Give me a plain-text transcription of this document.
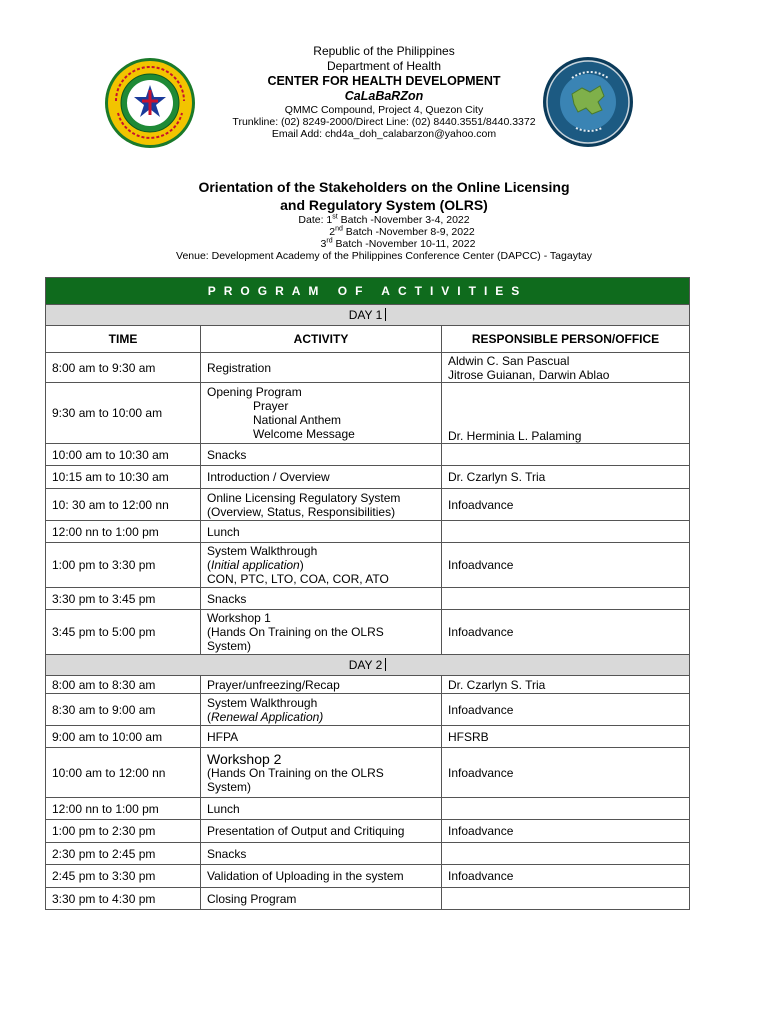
Republic of the Philippines
Department of Health
CENTER FOR HEALTH DEVELOPMENT
CaLaBaRZon
QMMC Compound, Project 4, Quezon City
Trunkline: (02) 8249-2000/Direct Line: (02) 8440.3551/8440.3372
Email Add: chd4a_doh_calabarzon@yahoo.com
Orientation of the Stakeholders on the Online Licensing
and Regulatory System (OLRS)
Date: 1st Batch -November 3-4, 2022
2nd Batch -November 8-9, 2022
3rd Batch -November 10-11, 2022
Venue: Development Academy of the Philippines Conference Center (DAPCC) - Tagaytay
PROGRAM OF ACTIVITIES		
DAY 1		
TIME	ACTIVITY	RESPONSIBLE PERSON/OFFICE
8:00 am to 9:30 am	Registration	Aldwin C. San Pascual
Jitrose Guianan, Darwin Ablao

9:30 am to 10:00 am	Opening Program
Prayer
National Anthem
Welcome Message	Dr. Herminia L. Palaming
10:00 am to 10:30 am	Snacks	
10:15 am to 10:30 am	Introduction / Overview	Dr. Czarlyn S. Tria
10: 30 am to 12:00 nn	Online Licensing Regulatory System
(Overview, Status, Responsibilities)	Infoadvance
12:00 nn to 1:00 pm	Lunch	
1:00 pm to 3:30 pm	System Walkthrough
(Initial application)
CON, PTC, LTO, COA, COR, ATO	Infoadvance
3:30 pm to 3:45 pm	Snacks	
3:45 pm to 5:00 pm	Workshop 1
(Hands On Training on the OLRS
System)	Infoadvance
DAY 2		
8:00 am to 8:30 am	Prayer/unfreezing/Recap	Dr. Czarlyn S. Tria
8:30 am to 9:00 am	System Walkthrough
(Renewal Application)	Infoadvance
9:00 am to 10:00 am	HFPA	HFSRB
10:00 am to 12:00 nn	Workshop 2
(Hands On Training on the OLRS
System)	Infoadvance
12:00 nn to 1:00 pm	Lunch	
1:00 pm to 2:30 pm	Presentation of Output and Critiquing	Infoadvance
2:30 pm to 2:45 pm	Snacks	
2:45 pm to 3:30 pm	Validation of Uploading in the system	Infoadvance
3:30 pm to 4:30 pm	Closing Program	
